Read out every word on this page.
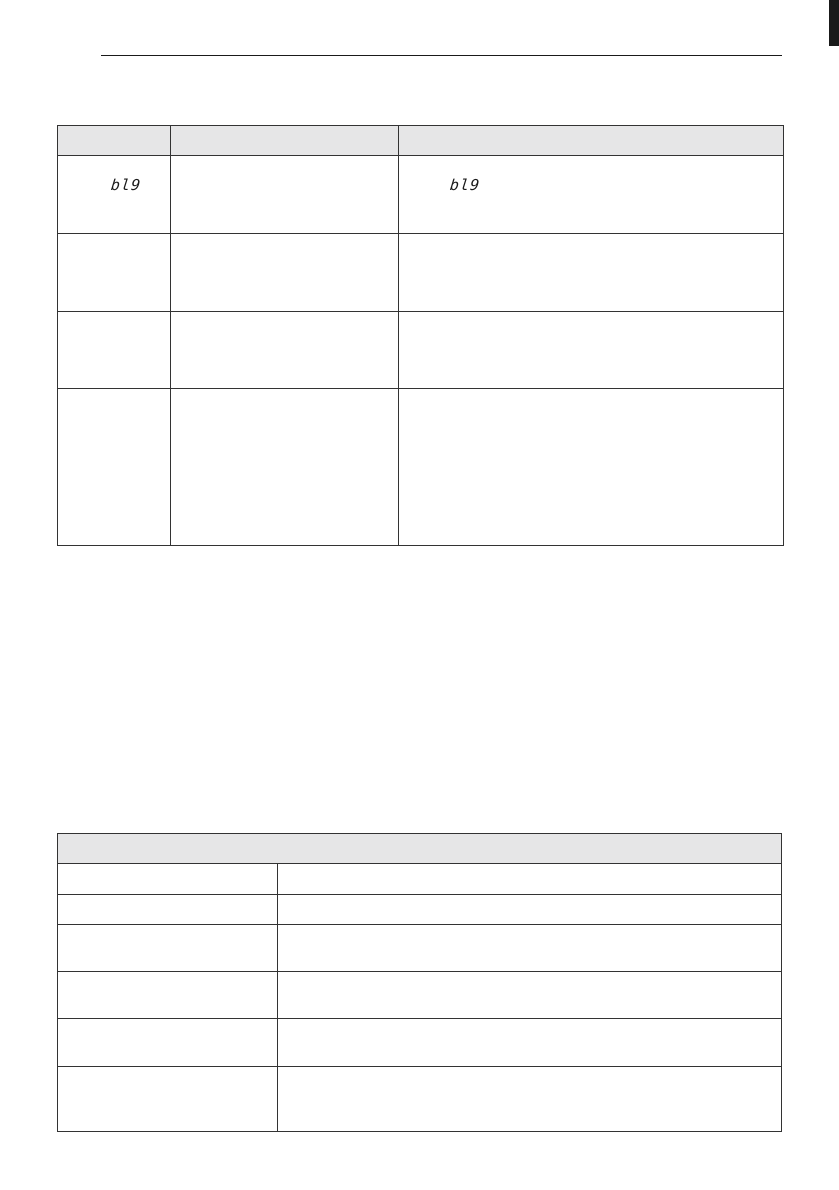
bl9		bl9
